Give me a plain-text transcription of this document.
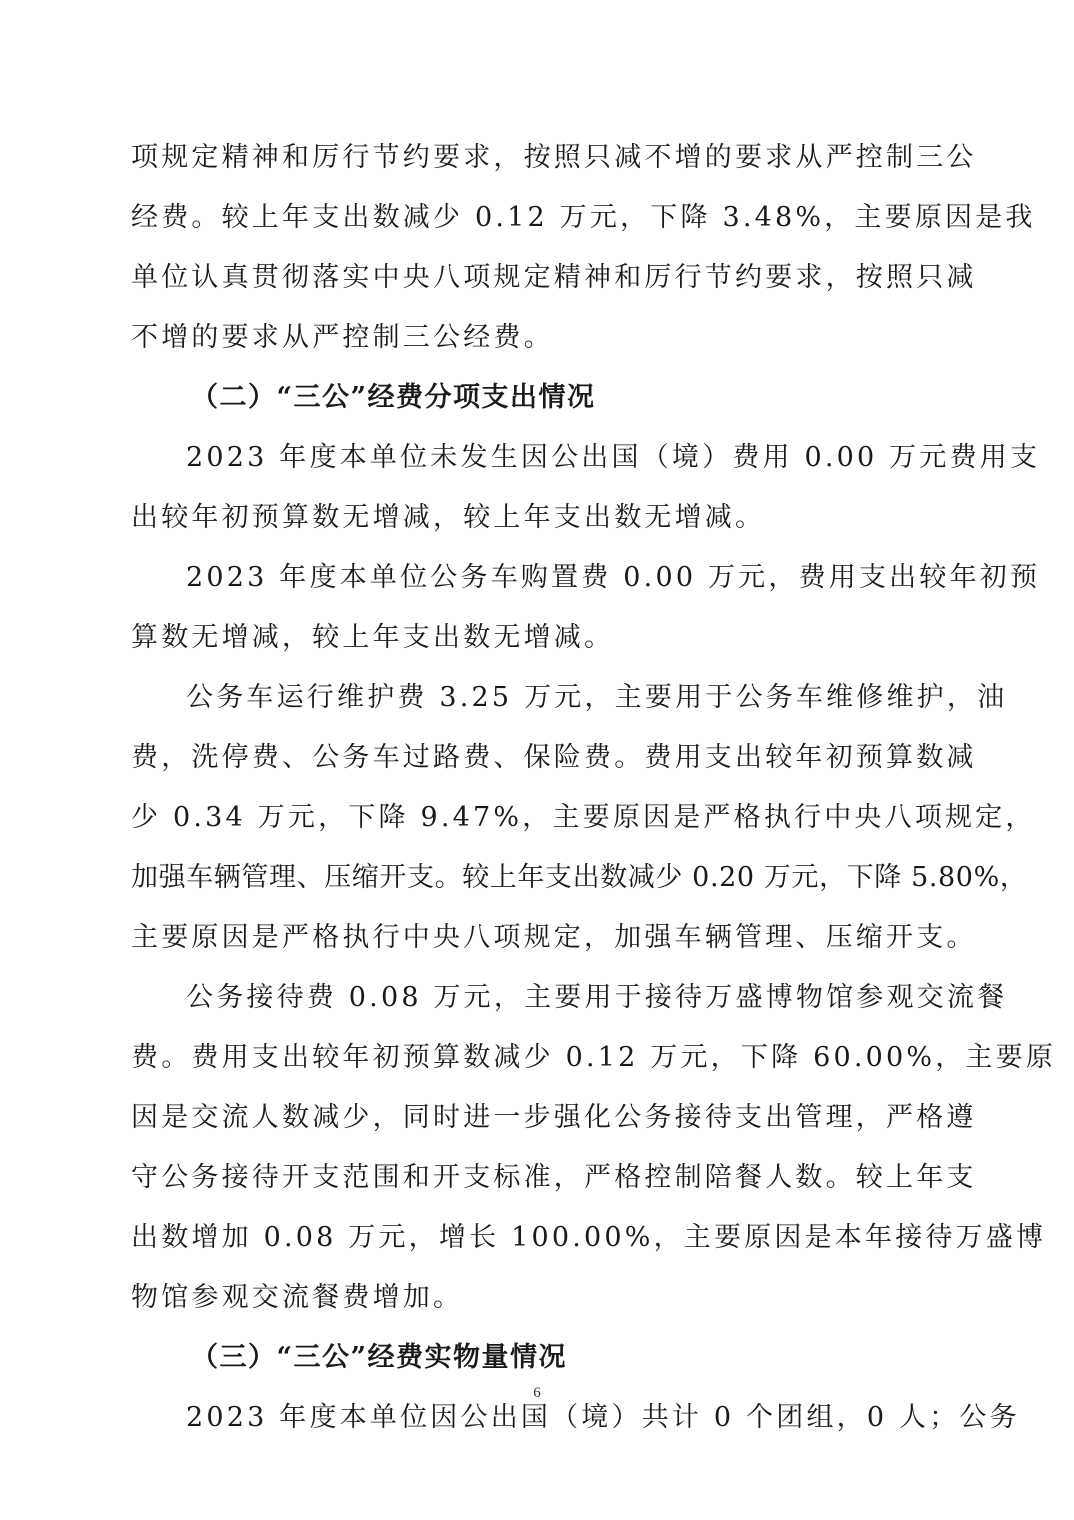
项规定精神和厉行节约要求，按照只减不增的要求从严控制三公
经费。较上年支出数减少 0.12 万元，下降 3.48%，主要原因是我
单位认真贯彻落实中央八项规定精神和厉行节约要求，按照只减
不增的要求从严控制三公经费。
（二）“三公”经费分项支出情况
2023 年度本单位未发生因公出国（境）费用 0.00 万元费用支
出较年初预算数无增减，较上年支出数无增减。
2023 年度本单位公务车购置费 0.00 万元，费用支出较年初预
算数无增减，较上年支出数无增减。
公务车运行维护费 3.25 万元，主要用于公务车维修维护，油
费，洗停费、公务车过路费、保险费。费用支出较年初预算数减
少 0.34 万元，下降 9.47%，主要原因是严格执行中央八项规定，
加强车辆管理、压缩开支。较上年支出数减少 0.20 万元，下降 5.80%，
主要原因是严格执行中央八项规定，加强车辆管理、压缩开支。
公务接待费 0.08 万元，主要用于接待万盛博物馆参观交流餐
费。费用支出较年初预算数减少 0.12 万元，下降 60.00%，主要原
因是交流人数减少，同时进一步强化公务接待支出管理，严格遵
守公务接待开支范围和开支标准，严格控制陪餐人数。较上年支
出数增加 0.08 万元，增长 100.00%，主要原因是本年接待万盛博
物馆参观交流餐费增加。
（三）“三公”经费实物量情况
2023 年度本单位因公出国（境）共计 0 个团组，0 人；公务
6
